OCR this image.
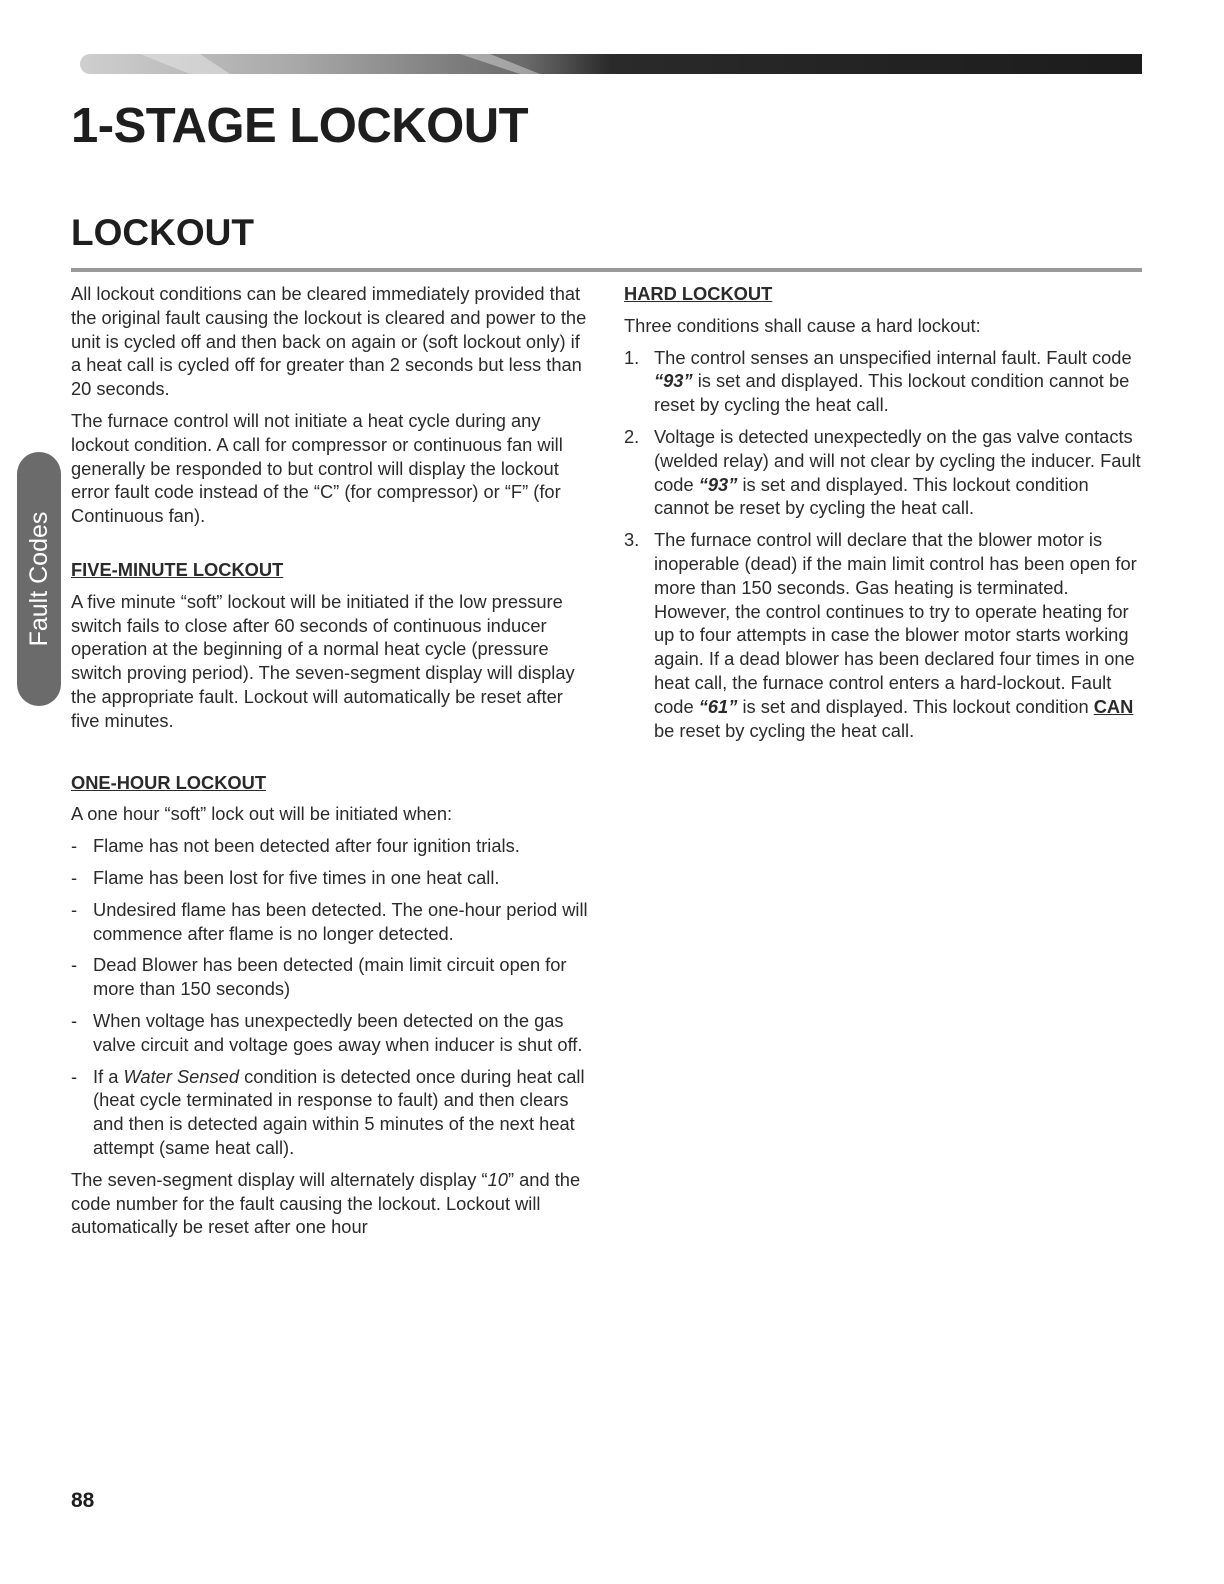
1-STAGE LOCKOUT
LOCKOUT
Fault Codes

All lockout conditions can be cleared immediately provided that the original fault causing the lockout is cleared and power to the unit is cycled off and then back on again or (soft lockout only) if a heat call is cycled off for greater than 2 seconds but less than 20 seconds.

The furnace control will not initiate a heat cycle during any lockout condition. A call for compressor or continuous fan will generally be responded to but control will display the lockout error fault code instead of the “C” (for compressor) or “F” (for Continuous fan).

FIVE-MINUTE LOCKOUT

A five minute “soft” lockout will be initiated if the low pressure switch fails to close after 60 seconds of continuous inducer operation at the beginning of a normal heat cycle (pressure switch proving period). The seven-segment display will display the appropriate fault. Lockout will automatically be reset after five minutes.

ONE-HOUR LOCKOUT

A one hour “soft” lock out will be initiated when:

- Flame has not been detected after four ignition trials.
- Flame has been lost for five times in one heat call.
- Undesired flame has been detected. The one-hour period will commence after flame is no longer detected.
- Dead Blower has been detected (main limit circuit open for more than 150 seconds)
- When voltage has unexpectedly been detected on the gas valve circuit and voltage goes away when inducer is shut off.
- If a Water Sensed condition is detected once during heat call (heat cycle terminated in response to fault) and then clears and then is detected again within 5 minutes of the next heat attempt (same heat call).

The seven-segment display will alternately display “10” and the code number for the fault causing the lockout. Lockout will automatically be reset after one hour

HARD LOCKOUT

Three conditions shall cause a hard lockout:

1. The control senses an unspecified internal fault. Fault code “93” is set and displayed. This lockout condition cannot be reset by cycling the heat call.
2. Voltage is detected unexpectedly on the gas valve contacts (welded relay) and will not clear by cycling the inducer. Fault code “93” is set and displayed. This lockout condition cannot be reset by cycling the heat call.
3. The furnace control will declare that the blower motor is inoperable (dead) if the main limit control has been open for more than 150 seconds. Gas heating is terminated. However, the control continues to try to operate heating for up to four attempts in case the blower motor starts working again. If a dead blower has been declared four times in one heat call, the furnace control enters a hard-lockout. Fault code “61” is set and displayed. This lockout condition CAN be reset by cycling the heat call.
88
